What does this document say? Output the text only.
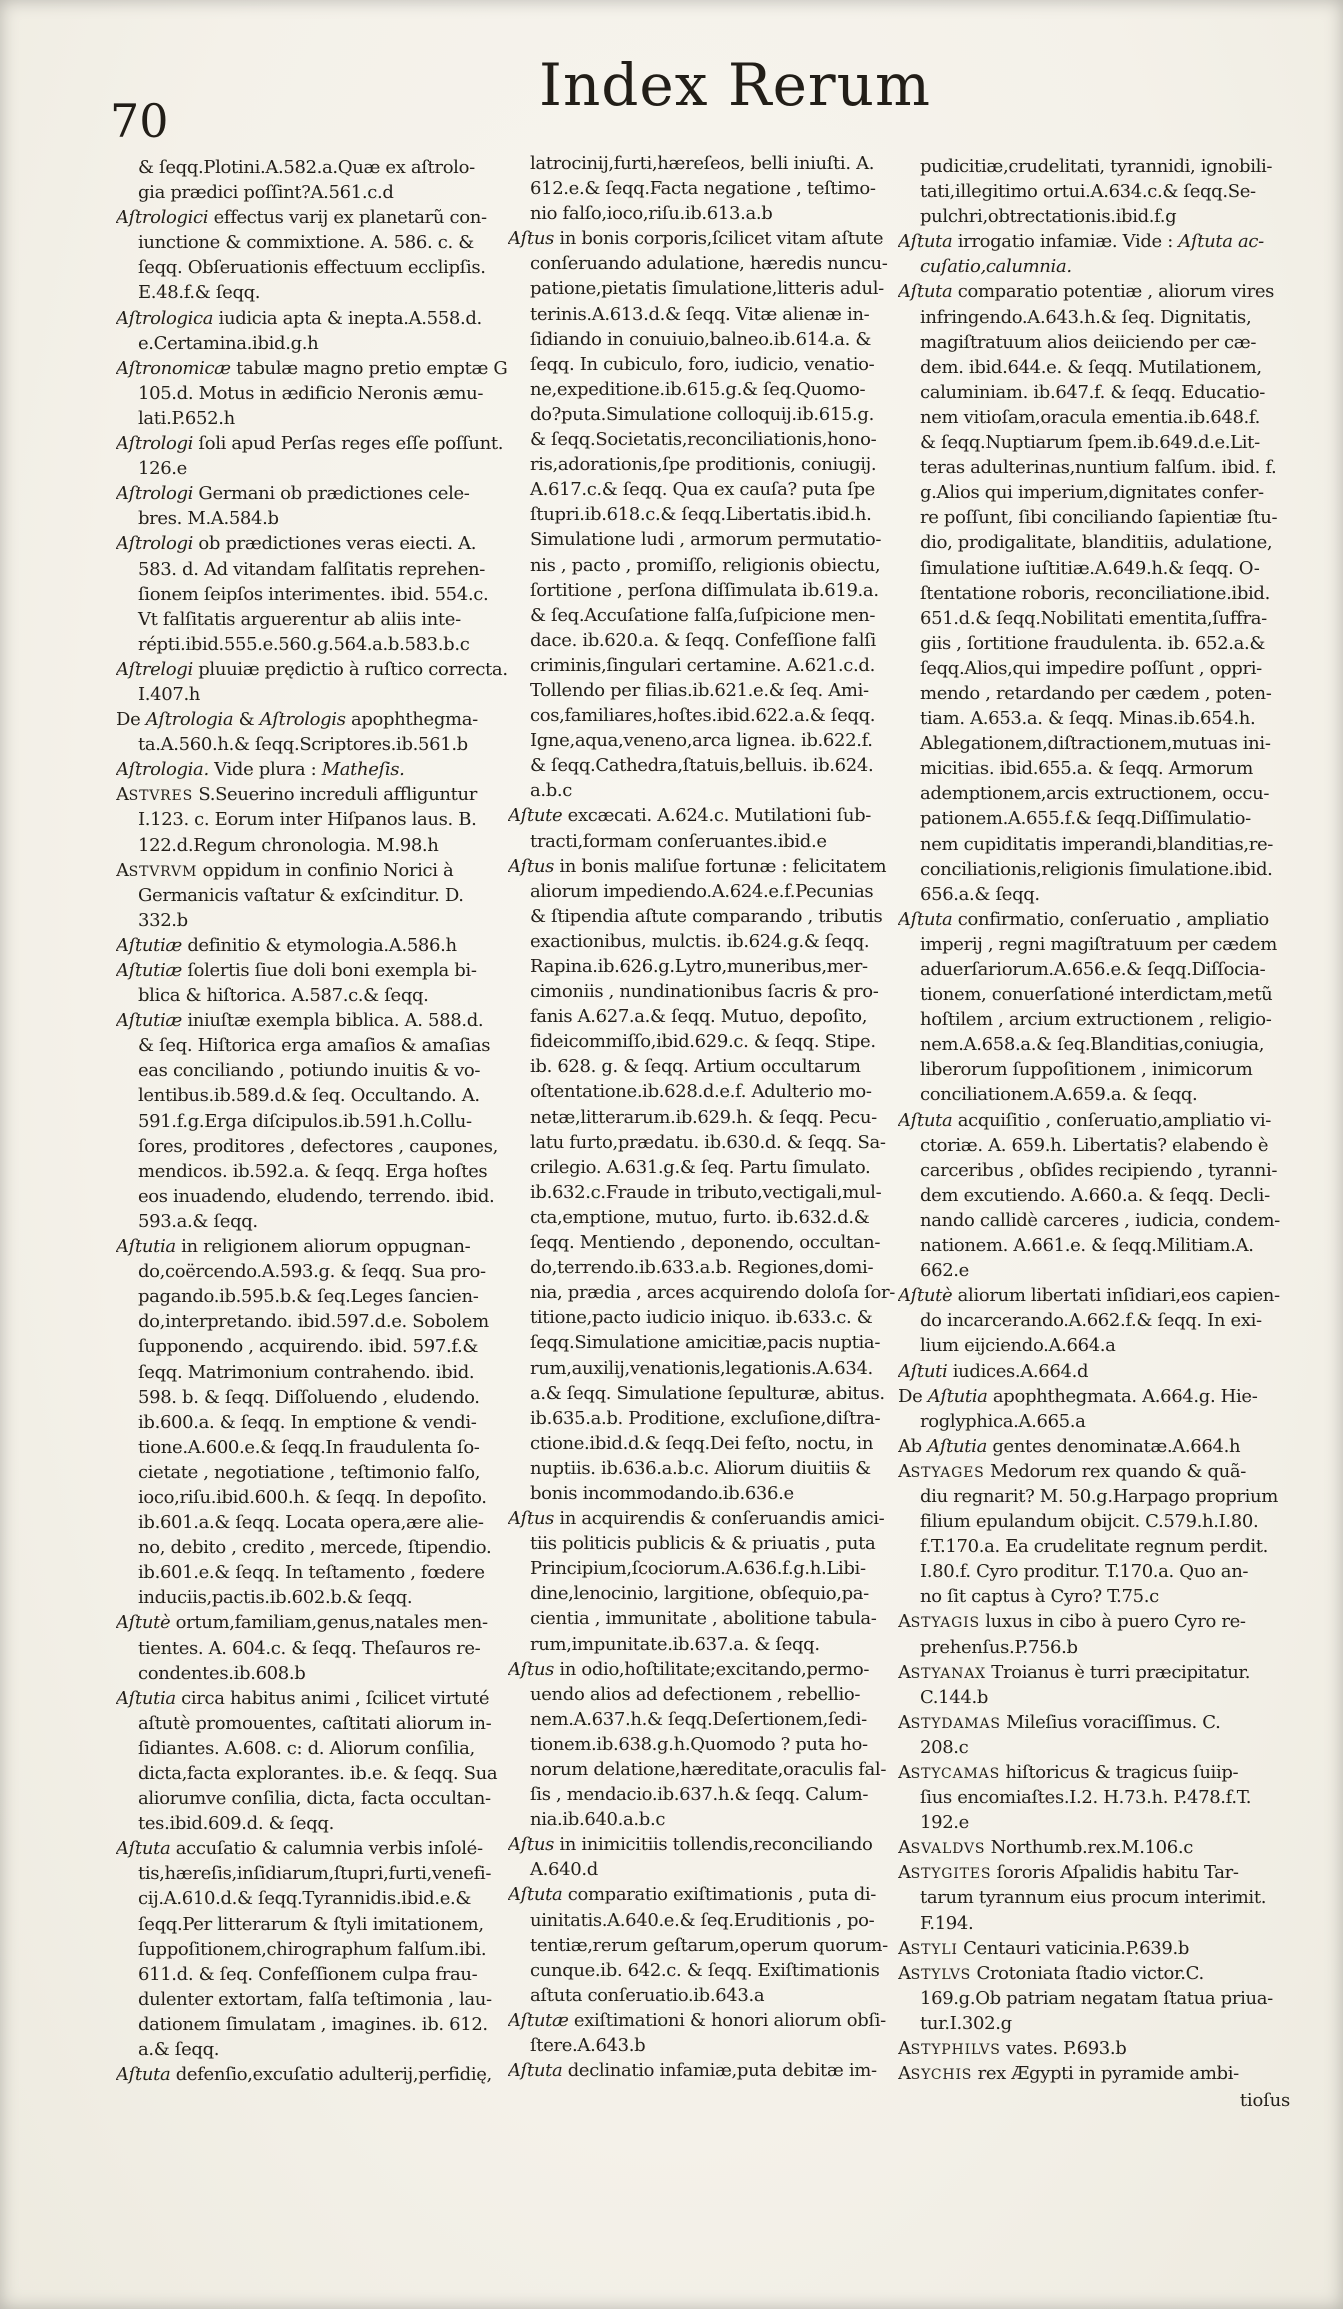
70
Index Rerum
& ſeqq.Plotini.A.582.a.Quæ ex aſtrolo-
gia prædici poſſint?A.561.c.d
Aſtrologici effectus varij ex planetarũ con-
iunctione & commixtione. A. 586. c. &
ſeqq. Obſeruationis effectuum ecclipſis.
E.48.f.& ſeqq.
Aſtrologica iudicia apta & inepta.A.558.d.
e.Certamina.ibid.g.h
Aſtronomicæ tabulæ magno pretio emptæ G
105.d. Motus in ædificio Neronis æmu-
lati.P.652.h
Aſtrologi ſoli apud Perſas reges eſſe poſſunt.
126.e
Aſtrologi Germani ob prædictiones cele-
bres. M.A.584.b
Aſtrologi ob prædictiones veras eiecti. A.
583. d. Ad vitandam falſitatis reprehen-
ſionem ſeipſos interimentes. ibid. 554.c.
Vt falſitatis arguerentur ab aliis inte-
répti.ibid.555.e.560.g.564.a.b.583.b.c
Aſtrelogi pluuiæ prędictio à ruſtico correcta.
I.407.h
De Aſtrologia & Aſtrologis apophthegma-
ta.A.560.h.& ſeqq.Scriptores.ib.561.b
Aſtrologia. Vide plura : Matheſis.
ASTVRES S.Seuerino increduli affliguntur
I.123. c. Eorum inter Hiſpanos laus. B.
122.d.Regum chronologia. M.98.h
ASTVRVM oppidum in confinio Norici à
Germanicis vaſtatur & exſcinditur. D.
332.b
Aſtutiæ definitio & etymologia.A.586.h
Aſtutiæ ſolertis ſiue doli boni exempla bi-
blica & hiſtorica. A.587.c.& ſeqq.
Aſtutiæ iniuſtæ exempla biblica. A. 588.d.
& ſeq. Hiſtorica erga amaſios & amaſias
eas conciliando , potiundo inuitis & vo-
lentibus.ib.589.d.& ſeq. Occultando. A.
591.f.g.Erga diſcipulos.ib.591.h.Collu-
ſores, proditores , defectores , caupones,
mendicos. ib.592.a. & ſeqq. Erga hoſtes
eos inuadendo, eludendo, terrendo. ibid.
593.a.& ſeqq.
Aſtutia in religionem aliorum oppugnan-
do,coërcendo.A.593.g. & ſeqq. Sua pro-
pagando.ib.595.b.& ſeq.Leges ſancien-
do,interpretando. ibid.597.d.e. Sobolem
ſupponendo , acquirendo. ibid. 597.f.&
ſeqq. Matrimonium contrahendo. ibid.
598. b. & ſeqq. Diſſoluendo , eludendo.
ib.600.a. & ſeqq. In emptione & vendi-
tione.A.600.e.& ſeqq.In fraudulenta ſo-
cietate , negotiatione , teſtimonio falſo,
ioco,riſu.ibid.600.h. & ſeqq. In depoſito.
ib.601.a.& ſeqq. Locata opera,ære alie-
no, debito , credito , mercede, ſtipendio.
ib.601.e.& ſeqq. In teſtamento , fœdere
induciis,pactis.ib.602.b.& ſeqq.
Aſtutè ortum,familiam,genus,natales men-
tientes. A. 604.c. & ſeqq. Theſauros re-
condentes.ib.608.b
Aſtutia circa habitus animi , ſcilicet virtuté
aſtutè promouentes, caſtitati aliorum in-
ſidiantes. A.608. c: d. Aliorum conſilia,
dicta,facta explorantes. ib.e. & ſeqq. Sua
aliorumve conſilia, dicta, facta occultan-
tes.ibid.609.d. & ſeqq.
Aſtuta accuſatio & calumnia verbis inſolé-
tis,hæreſis,inſidiarum,ſtupri,furti,venefi-
cij.A.610.d.& ſeqq.Tyrannidis.ibid.e.&
ſeqq.Per litterarum & ſtyli imitationem,
ſuppoſitionem,chirographum falſum.ibi.
611.d. & ſeq. Confeſſionem culpa frau-
dulenter extortam, falſa teſtimonia , lau-
dationem ſimulatam , imagines. ib. 612.
a.& ſeqq.
Aſtuta defenſio,excuſatio adulterij,perfidię,
latrocinij,furti,hæreſeos, belli iniuſti. A.
612.e.& ſeqq.Facta negatione , teſtimo-
nio falſo,ioco,riſu.ib.613.a.b
Aſtus in bonis corporis,ſcilicet vitam aſtute
conſeruando adulatione, hæredis nuncu-
patione,pietatis ſimulatione,litteris adul-
terinis.A.613.d.& ſeqq. Vitæ alienæ in-
ſidiando in conuiuio,balneo.ib.614.a. &
ſeqq. In cubiculo, foro, iudicio, venatio-
ne,expeditione.ib.615.g.& ſeq.Quomo-
do?puta.Simulatione colloquij.ib.615.g.
& ſeqq.Societatis,reconciliationis,hono-
ris,adorationis,ſpe proditionis, coniugij.
A.617.c.& ſeqq. Qua ex cauſa? puta ſpe
ſtupri.ib.618.c.& ſeqq.Libertatis.ibid.h.
Simulatione ludi , armorum permutatio-
nis , pacto , promiſſo, religionis obiectu,
ſortitione , perſona diſſimulata ib.619.a.
& ſeq.Accuſatione falſa,ſuſpicione men-
dace. ib.620.a. & ſeqq. Confeſſione falſi
criminis,ſingulari certamine. A.621.c.d.
Tollendo per filias.ib.621.e.& ſeq. Ami-
cos,familiares,hoſtes.ibid.622.a.& ſeqq.
Igne,aqua,veneno,arca lignea. ib.622.f.
& ſeqq.Cathedra,ſtatuis,belluis. ib.624.
a.b.c
Aſtute excæcati. A.624.c. Mutilationi ſub-
tracti,formam conſeruantes.ibid.e
Aſtus in bonis maliſue fortunæ : felicitatem
aliorum impediendo.A.624.e.f.Pecunias
& ſtipendia aſtute comparando , tributis
exactionibus, mulctis. ib.624.g.& ſeqq.
Rapina.ib.626.g.Lytro,muneribus,mer-
cimoniis , nundinationibus ſacris & pro-
fanis A.627.a.& ſeqq. Mutuo, depoſito,
fideicommiſſo,ibid.629.c. & ſeqq. Stipe.
ib. 628. g. & ſeqq. Artium occultarum
oſtentatione.ib.628.d.e.f. Adulterio mo-
netæ,litterarum.ib.629.h. & ſeqq. Pecu-
latu furto,prædatu. ib.630.d. & ſeqq. Sa-
crilegio. A.631.g.& ſeq. Partu ſimulato.
ib.632.c.Fraude in tributo,vectigali,mul-
cta,emptione, mutuo, furto. ib.632.d.&
ſeqq. Mentiendo , deponendo, occultan-
do,terrendo.ib.633.a.b. Regiones,domi-
nia, prædia , arces acquirendo doloſa ſor-
titione,pacto iudicio iniquo. ib.633.c. &
ſeqq.Simulatione amicitiæ,pacis nuptia-
rum,auxilij,venationis,legationis.A.634.
a.& ſeqq. Simulatione ſepulturæ, abitus.
ib.635.a.b. Proditione, excluſione,diſtra-
ctione.ibid.d.& ſeqq.Dei feſto, noctu, in
nuptiis. ib.636.a.b.c. Aliorum diuitiis &
bonis incommodando.ib.636.e
Aſtus in acquirendis & conſeruandis amici-
tiis politicis publicis & & priuatis , puta
Principium,ſcociorum.A.636.f.g.h.Libi-
dine,lenocinio, largitione, obſequio,pa-
cientia , immunitate , abolitione tabula-
rum,impunitate.ib.637.a. & ſeqq.
Aſtus in odio,hoſtilitate;excitando,permo-
uendo alios ad defectionem , rebellio-
nem.A.637.h.& ſeqq.Deſertionem,ſedi-
tionem.ib.638.g.h.Quomodo ? puta ho-
norum delatione,hæreditate,oraculis fal-
ſis , mendacio.ib.637.h.& ſeqq. Calum-
nia.ib.640.a.b.c
Aſtus in inimicitiis tollendis,reconciliando
A.640.d
Aſtuta comparatio exiſtimationis , puta di-
uinitatis.A.640.e.& ſeq.Eruditionis , po-
tentiæ,rerum geſtarum,operum quorum-
cunque.ib. 642.c. & ſeqq. Exiſtimationis
aſtuta conſeruatio.ib.643.a
Aſtutæ exiſtimationi & honori aliorum obſi-
ſtere.A.643.b
Aſtuta declinatio infamiæ,puta debitæ im-
pudicitiæ,crudelitati, tyrannidi, ignobili-
tati,illegitimo ortui.A.634.c.& ſeqq.Se-
pulchri,obtrectationis.ibid.f.g
Aſtuta irrogatio infamiæ. Vide : Aſtuta ac-
cuſatio,calumnia.
Aſtuta comparatio potentiæ , aliorum vires
infringendo.A.643.h.& ſeq. Dignitatis,
magiſtratuum alios deiiciendo per cæ-
dem. ibid.644.e. & ſeqq. Mutilationem,
caluminiam. ib.647.f. & ſeqq. Educatio-
nem vitioſam,oracula ementia.ib.648.f.
& ſeqq.Nuptiarum ſpem.ib.649.d.e.Lit-
teras adulterinas,nuntium falſum. ibid. f.
g.Alios qui imperium,dignitates confer-
re poſſunt, ſibi conciliando ſapientiæ ſtu-
dio, prodigalitate, blanditiis, adulatione,
ſimulatione iuſtitiæ.A.649.h.& ſeqq. O-
ſtentatione roboris, reconciliatione.ibid.
651.d.& ſeqq.Nobilitati ementita,ſuffra-
giis , ſortitione fraudulenta. ib. 652.a.&
ſeqq.Alios,qui impedire poſſunt , oppri-
mendo , retardando per cædem , poten-
tiam. A.653.a. & ſeqq. Minas.ib.654.h.
Ablegationem,diſtractionem,mutuas ini-
micitias. ibid.655.a. & ſeqq. Armorum
ademptionem,arcis extructionem, occu-
pationem.A.655.f.& ſeqq.Diſſimulatio-
nem cupiditatis imperandi,blanditias,re-
conciliationis,religionis ſimulatione.ibid.
656.a.& ſeqq.
Aſtuta confirmatio, conſeruatio , ampliatio
imperij , regni magiſtratuum per cædem
aduerſariorum.A.656.e.& ſeqq.Diſſocia-
tionem, conuerſationé interdictam,metũ
hoſtilem , arcium extructionem , religio-
nem.A.658.a.& ſeq.Blanditias,coniugia,
liberorum ſuppoſitionem , inimicorum
conciliationem.A.659.a. & ſeqq.
Aſtuta acquiſitio , conſeruatio,ampliatio vi-
ctoriæ. A. 659.h. Libertatis? elabendo è
carceribus , obſides recipiendo , tyranni-
dem excutiendo. A.660.a. & ſeqq. Decli-
nando callidè carceres , iudicia, condem-
nationem. A.661.e. & ſeqq.Militiam.A.
662.e
Aſtutè aliorum libertati inſidiari,eos capien-
do incarcerando.A.662.f.& ſeqq. In exi-
lium eijciendo.A.664.a
Aſtuti iudices.A.664.d
De Aſtutia apophthegmata. A.664.g. Hie-
roglyphica.A.665.a
Ab Aſtutia gentes denominatæ.A.664.h
ASTYAGES Medorum rex quando & quã-
diu regnarit? M. 50.g.Harpago proprium
filium epulandum obijcit. C.579.h.I.80.
f.T.170.a. Ea crudelitate regnum perdit.
I.80.f. Cyro proditur. T.170.a. Quo an-
no ſit captus à Cyro? T.75.c
ASTYAGIS luxus in cibo à puero Cyro re-
prehenſus.P.756.b
ASTYANAX Troianus è turri præcipitatur.
C.144.b
ASTYDAMAS Mileſius voraciſſimus. C.
208.c
ASTYCAMAS hiſtoricus & tragicus ſuiip-
ſius encomiaſtes.I.2. H.73.h. P.478.f.T.
192.e
ASVALDVS Northumb.rex.M.106.c
ASTYGITES ſororis Aſpalidis habitu Tar-
tarum tyrannum eius procum interimit.
F.194.
ASTYLI Centauri vaticinia.P.639.b
ASTYLVS Crotoniata ſtadio victor.C.
169.g.Ob patriam negatam ſtatua priua-
tur.I.302.g
ASTYPHILVS vates. P.693.b
ASYCHIS rex Ægypti in pyramide ambi-
tioſus
